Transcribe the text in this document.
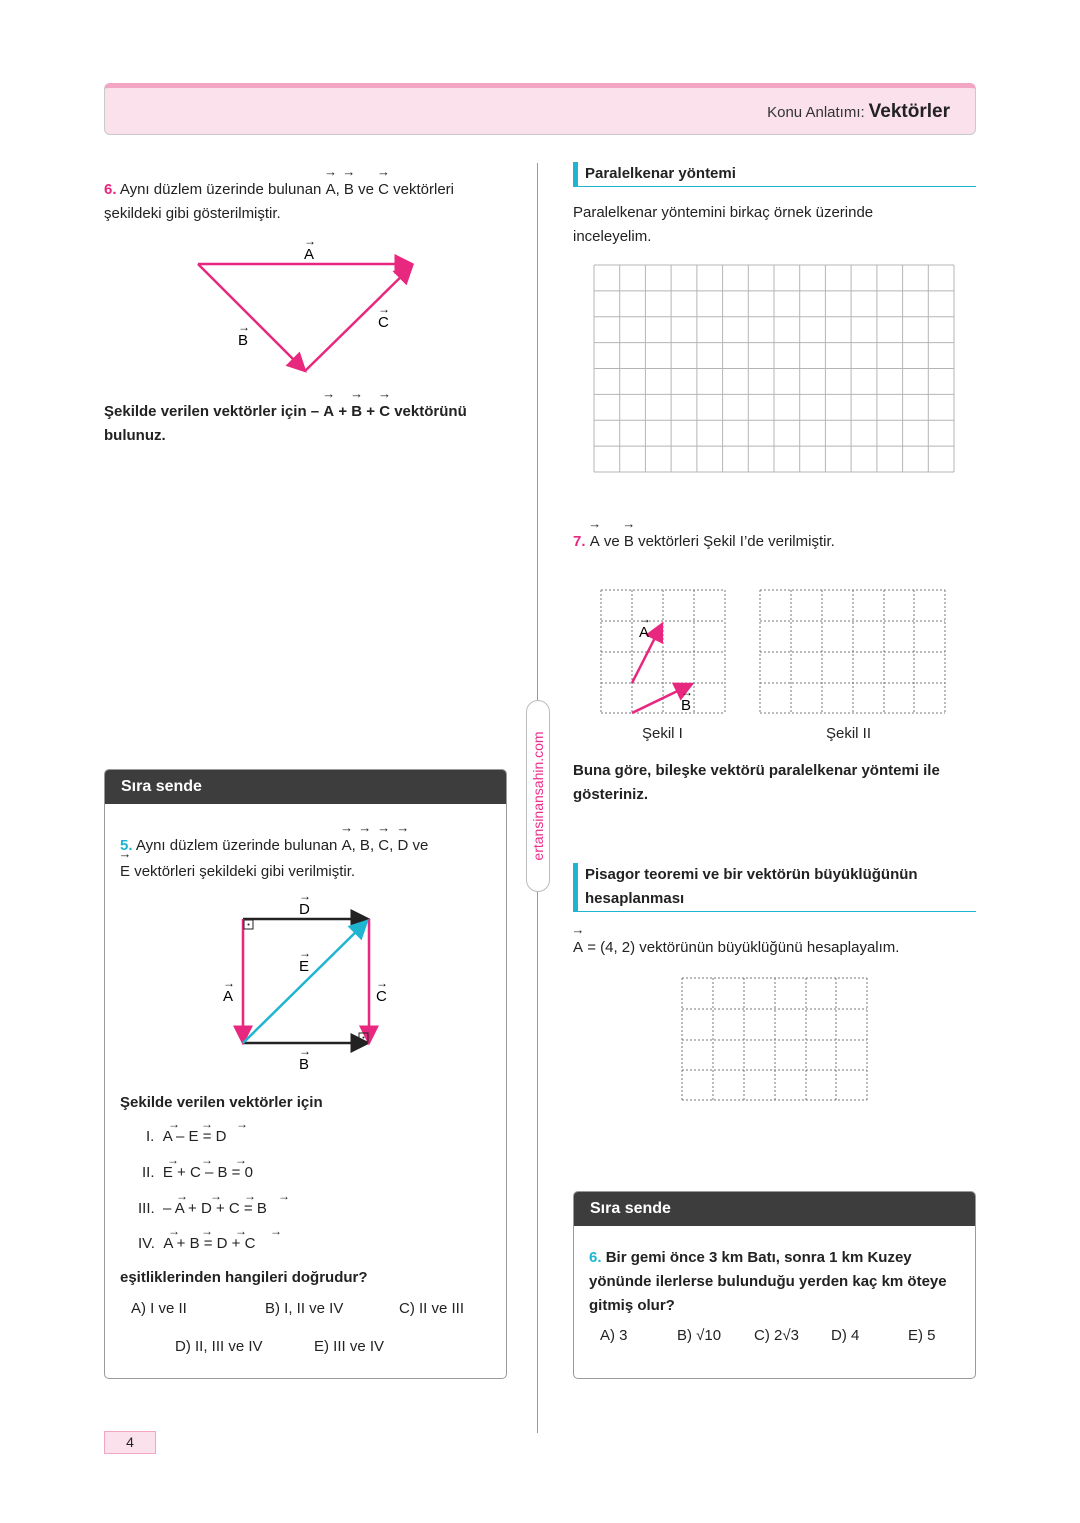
Konu Anlatımı: Vektörler
ertansinansahin.com
6. Aynı düzlem üzerinde bulunan → A, → B ve → C vektörleri
şekildeki gibi gösterilmiştir.
A
B
C
→
→
→
Şekilde verilen vektörler için – → A + → B + → C vektörünü
bulunuz.
Sıra sende
5. Aynı düzlem üzerinde bulunan → A, → B, → C, → D ve
→ E vektörleri şekildeki gibi verilmiştir.
D
→
B
→
A
→
C
→
E
→
Şekilde verilen vektörler için
I. A – E = D
II. E + C – B = 0
III. – A + D + C = B
IV. A + B = D + C
→ → →
→ → →
→ → → →
→ → → →
eşitliklerinden hangileri doğrudur?
A) I ve II	B) I, II ve IV	C) II ve III
D) II, III ve IV	E) III ve IV
Paralelkenar yöntemi
Paralelkenar yöntemini birkaç örnek üzerinde inceleyelim.
7. → A ve → B vektörleri Şekil I’de verilmiştir.
A
→
B
→
Şekil I	Şekil II
Buna göre, bileşke vektörü paralelkenar yöntemi ile gösteriniz.
Pisagor teoremi ve bir vektörün büyüklüğünün hesaplanması
→ A = (4, 2) vektörünün büyüklüğünü hesaplayalım.
Sıra sende
6. Bir gemi önce 3 km Batı, sonra 1 km Kuzey yönünde ilerlerse bulunduğu yerden kaç km öteye gitmiş olur?
A) 3	B) √10 C) 2√3 D) 4	E) 5
4
